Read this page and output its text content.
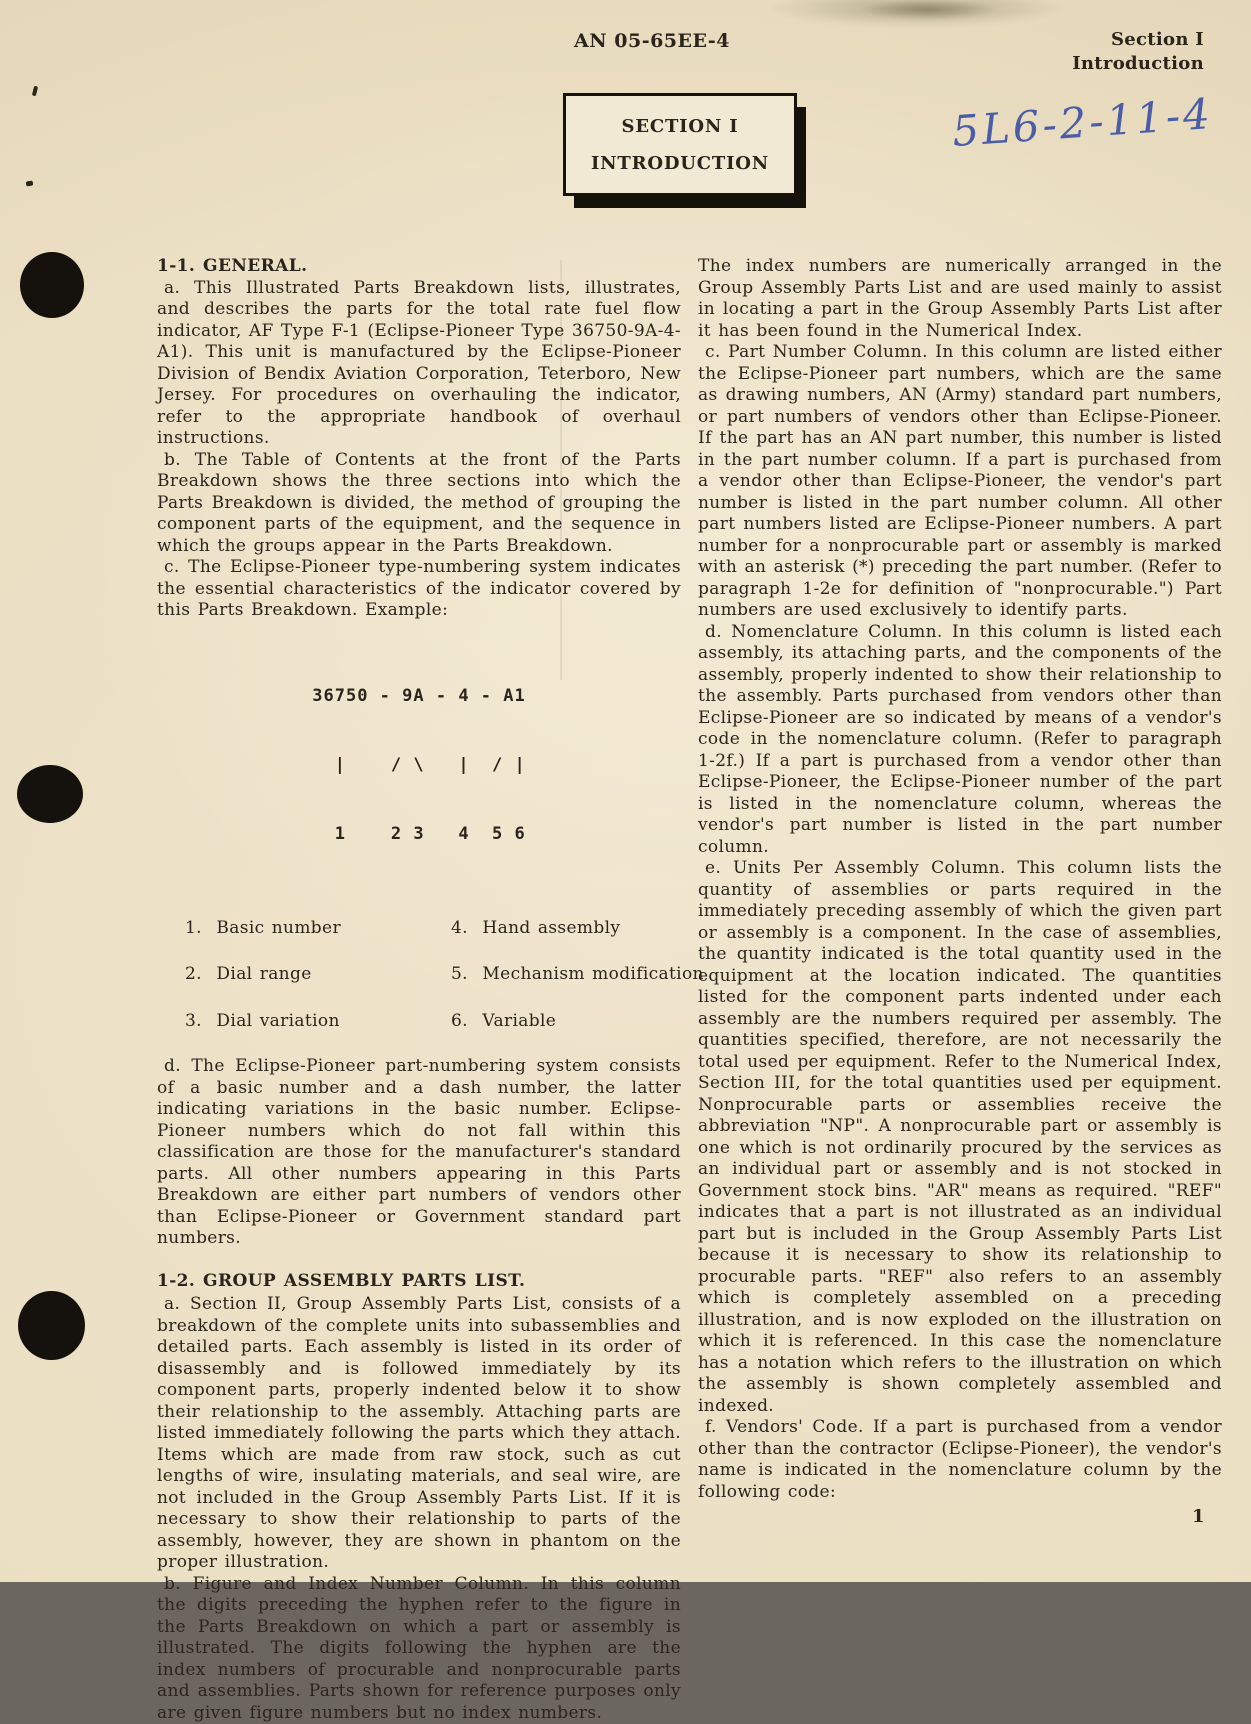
AN 05-65EE-4	Section I
Introduction
SECTION I
INTRODUCTION
5L6-2-11-4
1-1. GENERAL.

a. This Illustrated Parts Breakdown lists, illustrates, and describes the parts for the total rate fuel flow indicator, AF Type F-1 (Eclipse-Pioneer Type 36750-9A-4-A1). This unit is manufactured by the Eclipse-Pioneer Division of Bendix Aviation Corporation, Teterboro, New Jersey. For procedures on overhauling the indicator, refer to the appropriate handbook of overhaul instructions.

b. The Table of Contents at the front of the Parts Breakdown shows the three sections into which the Parts Breakdown is divided, the method of grouping the component parts of the equipment, and the sequence in which the groups appear in the Parts Breakdown.

c. The Eclipse-Pioneer type-numbering system indicates the essential characteristics of the indicator covered by this Parts Breakdown. Example:

36750 - 9A - 4 - A1

|    / \   |  / |

1    2 3   4  5 6

1.  Basic number	4.  Hand assembly
2.  Dial range	5.  Mechanism modification
3.  Dial variation	6.  Variable

d. The Eclipse-Pioneer part-numbering system consists of a basic number and a dash number, the latter indicating variations in the basic number. Eclipse-Pioneer numbers which do not fall within this classification are those for the manufacturer's standard parts. All other numbers appearing in this Parts Breakdown are either part numbers of vendors other than Eclipse-Pioneer or Government standard part numbers.

1-2. GROUP ASSEMBLY PARTS LIST.

a. Section II, Group Assembly Parts List, consists of a breakdown of the complete units into subassemblies and detailed parts. Each assembly is listed in its order of disassembly and is followed immediately by its component parts, properly indented below it to show their relationship to the assembly. Attaching parts are listed immediately following the parts which they attach. Items which are made from raw stock, such as cut lengths of wire, insulating materials, and seal wire, are not included in the Group Assembly Parts List. If it is necessary to show their relationship to parts of the assembly, however, they are shown in phantom on the proper illustration.

b. Figure and Index Number Column. In this column the digits preceding the hyphen refer to the figure in the Parts Breakdown on which a part or assembly is illustrated. The digits following the hyphen are the index numbers of procurable and nonprocurable parts and assemblies. Parts shown for reference purposes only are given figure numbers but no index numbers.

The index numbers are numerically arranged in the Group Assembly Parts List and are used mainly to assist in locating a part in the Group Assembly Parts List after it has been found in the Numerical Index.

c. Part Number Column. In this column are listed either the Eclipse-Pioneer part numbers, which are the same as drawing numbers, AN (Army) standard part numbers, or part numbers of vendors other than Eclipse-Pioneer. If the part has an AN part number, this number is listed in the part number column. If a part is purchased from a vendor other than Eclipse-Pioneer, the vendor's part number is listed in the part number column. All other part numbers listed are Eclipse-Pioneer numbers. A part number for a nonprocurable part or assembly is marked with an asterisk (*) preceding the part number. (Refer to paragraph 1-2e for definition of "nonprocurable.") Part numbers are used exclusively to identify parts.

d. Nomenclature Column. In this column is listed each assembly, its attaching parts, and the components of the assembly, properly indented to show their relationship to the assembly. Parts purchased from vendors other than Eclipse-Pioneer are so indicated by means of a vendor's code in the nomenclature column. (Refer to paragraph 1-2f.) If a part is purchased from a vendor other than Eclipse-Pioneer, the Eclipse-Pioneer number of the part is listed in the nomenclature column, whereas the vendor's part number is listed in the part number column.

e. Units Per Assembly Column. This column lists the quantity of assemblies or parts required in the immediately preceding assembly of which the given part or assembly is a component. In the case of assemblies, the quantity indicated is the total quantity used in the equipment at the location indicated. The quantities listed for the component parts indented under each assembly are the numbers required per assembly. The quantities specified, therefore, are not necessarily the total used per equipment. Refer to the Numerical Index, Section III, for the total quantities used per equipment. Nonprocurable parts or assemblies receive the abbreviation "NP". A nonprocurable part or assembly is one which is not ordinarily procured by the services as an individual part or assembly and is not stocked in Government stock bins. "AR" means as required. "REF" indicates that a part is not illustrated as an individual part but is included in the Group Assembly Parts List because it is necessary to show its relationship to procurable parts. "REF" also refers to an assembly which is completely assembled on a preceding illustration, and is now exploded on the illustration on which it is referenced. In this case the nomenclature has a notation which refers to the illustration on which the assembly is shown completely assembled and indexed.

f. Vendors' Code. If a part is purchased from a vendor other than the contractor (Eclipse-Pioneer), the vendor's name is indicated in the nomenclature column by the following code:

1
